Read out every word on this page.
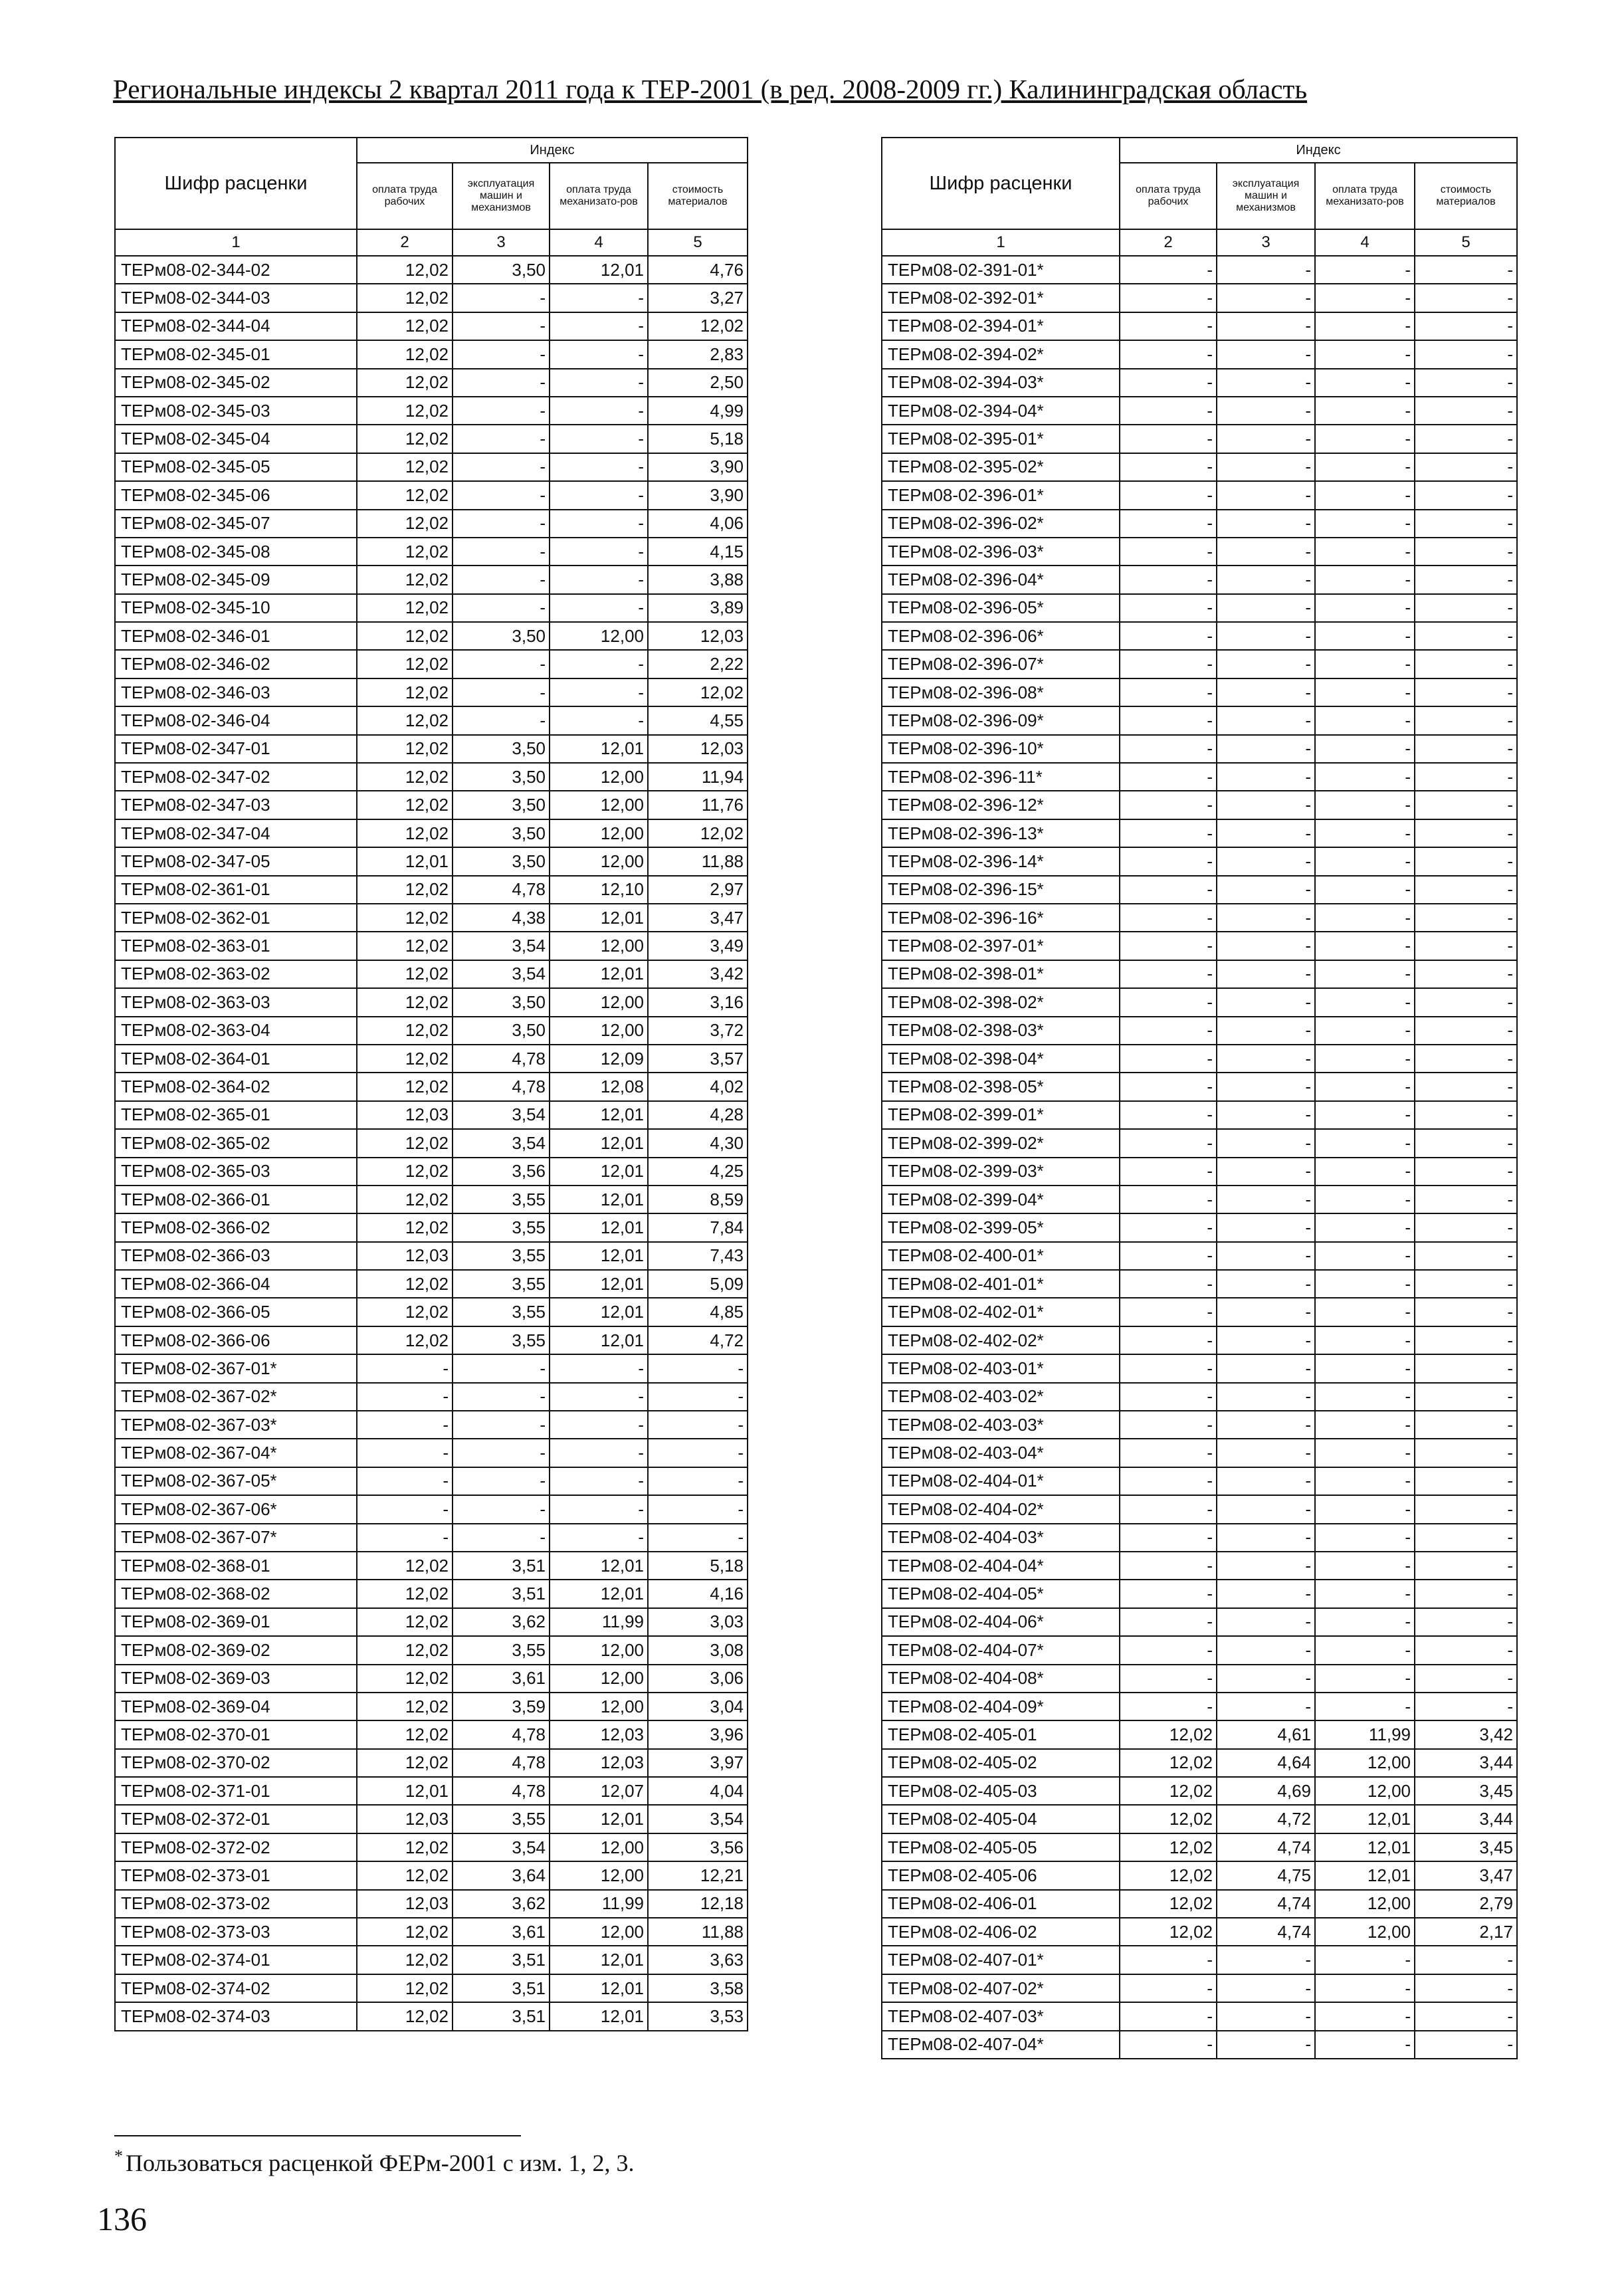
Региональные индексы 2 квартал 2011 года к ТЕР-2001 (в ред. 2008-2009 гг.) Калининградская область
Шифр расценки	Индекс			
	оплата труда рабочих	эксплуатация машин и механизмов	оплата труда механизато-ров	стоимость материалов
1	2	3	4	5
ТЕРм08-02-344-02	12,02	3,50	12,01	4,76
ТЕРм08-02-344-03	12,02	-	-	3,27
ТЕРм08-02-344-04	12,02	-	-	12,02
ТЕРм08-02-345-01	12,02	-	-	2,83
ТЕРм08-02-345-02	12,02	-	-	2,50
ТЕРм08-02-345-03	12,02	-	-	4,99
ТЕРм08-02-345-04	12,02	-	-	5,18
ТЕРм08-02-345-05	12,02	-	-	3,90
ТЕРм08-02-345-06	12,02	-	-	3,90
ТЕРм08-02-345-07	12,02	-	-	4,06
ТЕРм08-02-345-08	12,02	-	-	4,15
ТЕРм08-02-345-09	12,02	-	-	3,88
ТЕРм08-02-345-10	12,02	-	-	3,89
ТЕРм08-02-346-01	12,02	3,50	12,00	12,03
ТЕРм08-02-346-02	12,02	-	-	2,22
ТЕРм08-02-346-03	12,02	-	-	12,02
ТЕРм08-02-346-04	12,02	-	-	4,55
ТЕРм08-02-347-01	12,02	3,50	12,01	12,03
ТЕРм08-02-347-02	12,02	3,50	12,00	11,94
ТЕРм08-02-347-03	12,02	3,50	12,00	11,76
ТЕРм08-02-347-04	12,02	3,50	12,00	12,02
ТЕРм08-02-347-05	12,01	3,50	12,00	11,88
ТЕРм08-02-361-01	12,02	4,78	12,10	2,97
ТЕРм08-02-362-01	12,02	4,38	12,01	3,47
ТЕРм08-02-363-01	12,02	3,54	12,00	3,49
ТЕРм08-02-363-02	12,02	3,54	12,01	3,42
ТЕРм08-02-363-03	12,02	3,50	12,00	3,16
ТЕРм08-02-363-04	12,02	3,50	12,00	3,72
ТЕРм08-02-364-01	12,02	4,78	12,09	3,57
ТЕРм08-02-364-02	12,02	4,78	12,08	4,02
ТЕРм08-02-365-01	12,03	3,54	12,01	4,28
ТЕРм08-02-365-02	12,02	3,54	12,01	4,30
ТЕРм08-02-365-03	12,02	3,56	12,01	4,25
ТЕРм08-02-366-01	12,02	3,55	12,01	8,59
ТЕРм08-02-366-02	12,02	3,55	12,01	7,84
ТЕРм08-02-366-03	12,03	3,55	12,01	7,43
ТЕРм08-02-366-04	12,02	3,55	12,01	5,09
ТЕРм08-02-366-05	12,02	3,55	12,01	4,85
ТЕРм08-02-366-06	12,02	3,55	12,01	4,72
ТЕРм08-02-367-01*	-	-	-	-
ТЕРм08-02-367-02*	-	-	-	-
ТЕРм08-02-367-03*	-	-	-	-
ТЕРм08-02-367-04*	-	-	-	-
ТЕРм08-02-367-05*	-	-	-	-
ТЕРм08-02-367-06*	-	-	-	-
ТЕРм08-02-367-07*	-	-	-	-
ТЕРм08-02-368-01	12,02	3,51	12,01	5,18
ТЕРм08-02-368-02	12,02	3,51	12,01	4,16
ТЕРм08-02-369-01	12,02	3,62	11,99	3,03
ТЕРм08-02-369-02	12,02	3,55	12,00	3,08
ТЕРм08-02-369-03	12,02	3,61	12,00	3,06
ТЕРм08-02-369-04	12,02	3,59	12,00	3,04
ТЕРм08-02-370-01	12,02	4,78	12,03	3,96
ТЕРм08-02-370-02	12,02	4,78	12,03	3,97
ТЕРм08-02-371-01	12,01	4,78	12,07	4,04
ТЕРм08-02-372-01	12,03	3,55	12,01	3,54
ТЕРм08-02-372-02	12,02	3,54	12,00	3,56
ТЕРм08-02-373-01	12,02	3,64	12,00	12,21
ТЕРм08-02-373-02	12,03	3,62	11,99	12,18
ТЕРм08-02-373-03	12,02	3,61	12,00	11,88
ТЕРм08-02-374-01	12,02	3,51	12,01	3,63
ТЕРм08-02-374-02	12,02	3,51	12,01	3,58
ТЕРм08-02-374-03	12,02	3,51	12,01	3,53
Шифр расценки	Индекс			
	оплата труда рабочих	эксплуатация машин и механизмов	оплата труда механизато-ров	стоимость материалов
1	2	3	4	5
ТЕРм08-02-391-01*	-	-	-	-
ТЕРм08-02-392-01*	-	-	-	-
ТЕРм08-02-394-01*	-	-	-	-
ТЕРм08-02-394-02*	-	-	-	-
ТЕРм08-02-394-03*	-	-	-	-
ТЕРм08-02-394-04*	-	-	-	-
ТЕРм08-02-395-01*	-	-	-	-
ТЕРм08-02-395-02*	-	-	-	-
ТЕРм08-02-396-01*	-	-	-	-
ТЕРм08-02-396-02*	-	-	-	-
ТЕРм08-02-396-03*	-	-	-	-
ТЕРм08-02-396-04*	-	-	-	-
ТЕРм08-02-396-05*	-	-	-	-
ТЕРм08-02-396-06*	-	-	-	-
ТЕРм08-02-396-07*	-	-	-	-
ТЕРм08-02-396-08*	-	-	-	-
ТЕРм08-02-396-09*	-	-	-	-
ТЕРм08-02-396-10*	-	-	-	-
ТЕРм08-02-396-11*	-	-	-	-
ТЕРм08-02-396-12*	-	-	-	-
ТЕРм08-02-396-13*	-	-	-	-
ТЕРм08-02-396-14*	-	-	-	-
ТЕРм08-02-396-15*	-	-	-	-
ТЕРм08-02-396-16*	-	-	-	-
ТЕРм08-02-397-01*	-	-	-	-
ТЕРм08-02-398-01*	-	-	-	-
ТЕРм08-02-398-02*	-	-	-	-
ТЕРм08-02-398-03*	-	-	-	-
ТЕРм08-02-398-04*	-	-	-	-
ТЕРм08-02-398-05*	-	-	-	-
ТЕРм08-02-399-01*	-	-	-	-
ТЕРм08-02-399-02*	-	-	-	-
ТЕРм08-02-399-03*	-	-	-	-
ТЕРм08-02-399-04*	-	-	-	-
ТЕРм08-02-399-05*	-	-	-	-
ТЕРм08-02-400-01*	-	-	-	-
ТЕРм08-02-401-01*	-	-	-	-
ТЕРм08-02-402-01*	-	-	-	-
ТЕРм08-02-402-02*	-	-	-	-
ТЕРм08-02-403-01*	-	-	-	-
ТЕРм08-02-403-02*	-	-	-	-
ТЕРм08-02-403-03*	-	-	-	-
ТЕРм08-02-403-04*	-	-	-	-
ТЕРм08-02-404-01*	-	-	-	-
ТЕРм08-02-404-02*	-	-	-	-
ТЕРм08-02-404-03*	-	-	-	-
ТЕРм08-02-404-04*	-	-	-	-
ТЕРм08-02-404-05*	-	-	-	-
ТЕРм08-02-404-06*	-	-	-	-
ТЕРм08-02-404-07*	-	-	-	-
ТЕРм08-02-404-08*	-	-	-	-
ТЕРм08-02-404-09*	-	-	-	-
ТЕРм08-02-405-01	12,02	4,61	11,99	3,42
ТЕРм08-02-405-02	12,02	4,64	12,00	3,44
ТЕРм08-02-405-03	12,02	4,69	12,00	3,45
ТЕРм08-02-405-04	12,02	4,72	12,01	3,44
ТЕРм08-02-405-05	12,02	4,74	12,01	3,45
ТЕРм08-02-405-06	12,02	4,75	12,01	3,47
ТЕРм08-02-406-01	12,02	4,74	12,00	2,79
ТЕРм08-02-406-02	12,02	4,74	12,00	2,17
ТЕРм08-02-407-01*	-	-	-	-
ТЕРм08-02-407-02*	-	-	-	-
ТЕРм08-02-407-03*	-	-	-	-
ТЕРм08-02-407-04*	-	-	-	-
* Пользоваться расценкой ФЕРм-2001 с изм. 1, 2, 3.
136
